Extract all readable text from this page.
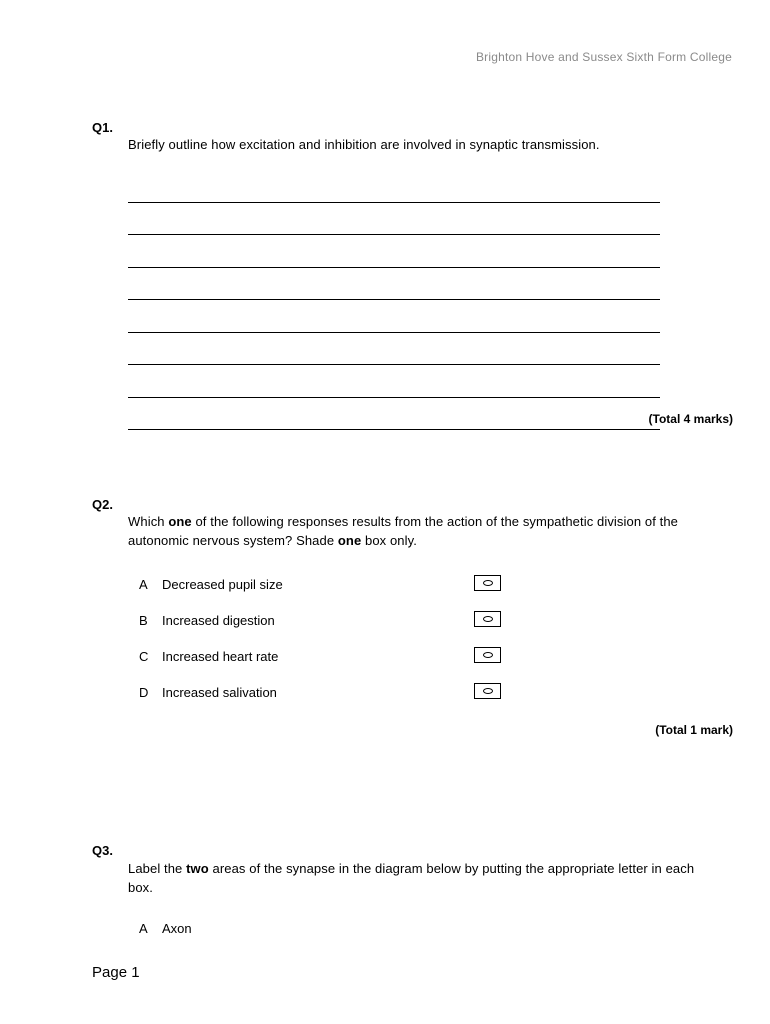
Brighton Hove and Sussex Sixth Form College
Q1.
Briefly outline how excitation and inhibition are involved in synaptic transmission.
(Total 4 marks)
Q2.
Which one of the following responses results from the action of the sympathetic division of the autonomic nervous system? Shade one box only.
A Decreased pupil size
B Increased digestion
C Increased heart rate
D Increased salivation
(Total 1 mark)
Q3.
Label the two areas of the synapse in the diagram below by putting the appropriate letter in each box.
A Axon
Page 1
